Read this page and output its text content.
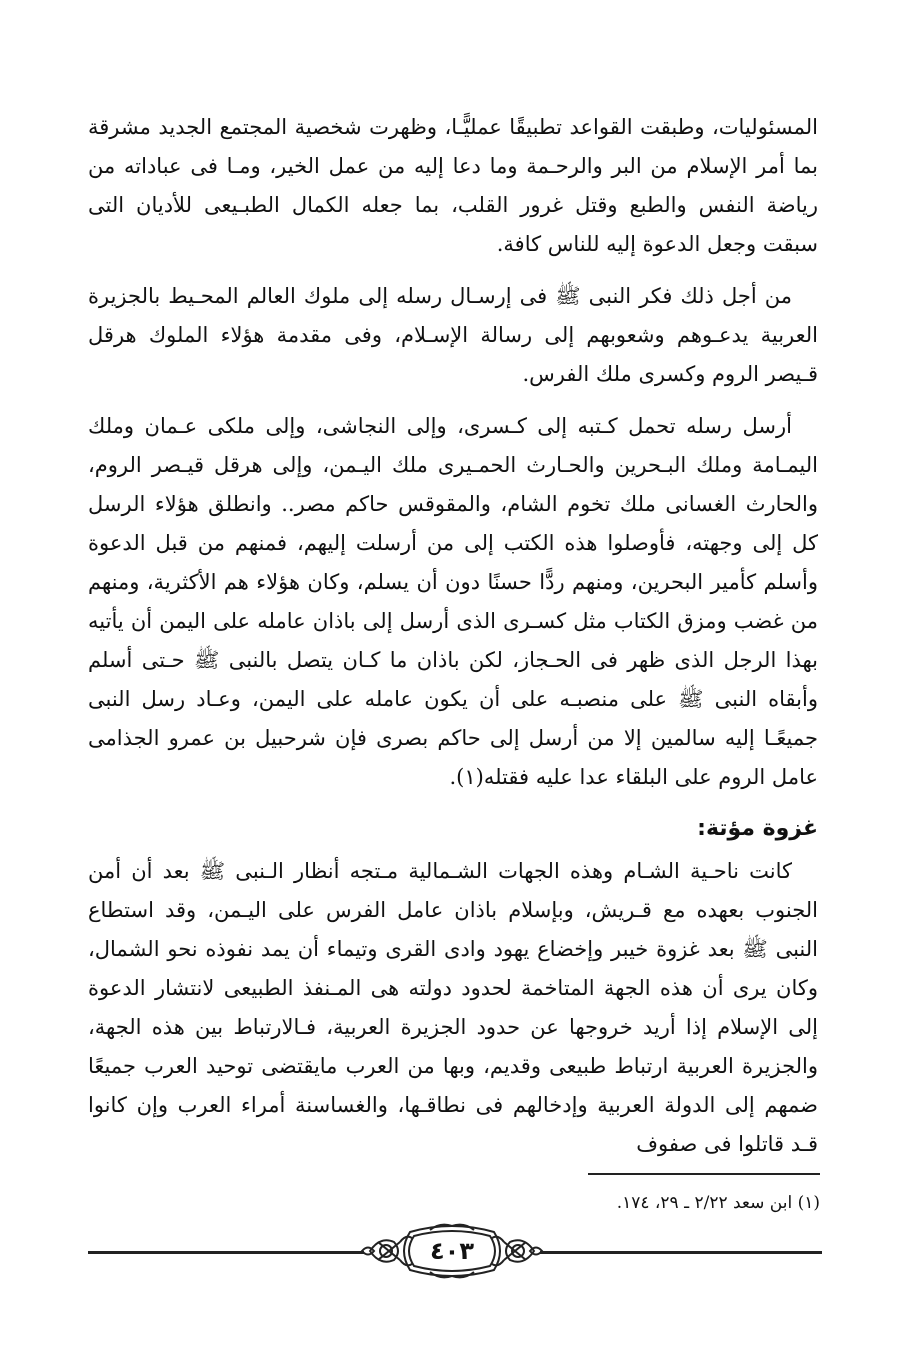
المسئوليات، وطبقت القواعد تطبيقًا عمليًّـا، وظهرت شخصية المجتمع الجديد مشرقة بما أمر الإسلام من البر والرحـمة وما دعا إليه من عمل الخير، ومـا فى عباداته من رياضة النفس والطبع وقتل غرور القلب، بما جعله الكمال الطبـيعى للأديان التى سبقت وجعل الدعوة إليه للناس كافة.

من أجل ذلك فكر النبى ﷺ فى إرسـال رسله إلى ملوك العالم المحـيط بالجزيرة العربية يدعـوهم وشعوبهم إلى رسالة الإسـلام، وفى مقدمة هؤلاء الملوك هرقل قـيصر الروم وكسرى ملك الفرس.

أرسل رسله تحمل كـتبه إلى كـسرى، وإلى النجاشى، وإلى ملكى عـمان وملك اليمـامة وملك البـحرين والحـارث الحمـيرى ملك اليـمن، وإلى هرقل قيـصر الروم، والحارث الغسانى ملك تخوم الشام، والمقوقس حاكم مصر.. وانطلق هؤلاء الرسل كل إلى وجهته، فأوصلوا هذه الكتب إلى من أرسلت إليهم، فمنهم من قبل الدعوة وأسلم كأمير البحرين، ومنهم ردًّا حسنًا دون أن يسلم، وكان هؤلاء هم الأكثرية، ومنهم من غضب ومزق الكتاب مثل كسـرى الذى أرسل إلى باذان عامله على اليمن أن يأتيه بهذا الرجل الذى ظهر فى الحـجاز، لكن باذان ما كـان يتصل بالنبى ﷺ حـتى أسلم وأبقاه النبى ﷺ على منصبـه على أن يكون عامله على اليمن، وعـاد رسل النبى جميعًـا إليه سالمين إلا من أرسل إلى حاكم بصرى فإن شرحبيل بن عمرو الجذامى عامل الروم على البلقاء عدا عليه فقتله(١).

غزوة مؤتة:

كانت ناحـية الشـام وهذه الجهات الشـمالية مـتجه أنظار الـنبى ﷺ بعد أن أمن الجنوب بعهده مع قـريش، وبإسلام باذان عامل الفرس على اليـمن، وقد استطاع النبى ﷺ بعد غزوة خيبر وإخضاع يهود وادى القرى وتيماء أن يمد نفوذه نحو الشمال، وكان يرى أن هذه الجهة المتاخمة لحدود دولته هى المـنفذ الطبيعى لانتشار الدعوة إلى الإسلام إذا أريد خروجها عن حدود الجزيرة العربية، فـالارتباط بين هذه الجهة، والجزيرة العربية ارتباط طبيعى وقديم، وبها من العرب مايقتضى توحيد العرب جميعًا ضمهم إلى الدولة العربية وإدخالهم فى نطاقـها، والغساسنة أمراء العرب وإن كانوا قـد قاتلوا فى صفوف

(١) ابن سعد ٢/٢٢ ـ ٢٩، ١٧٤.
٤٠٣
